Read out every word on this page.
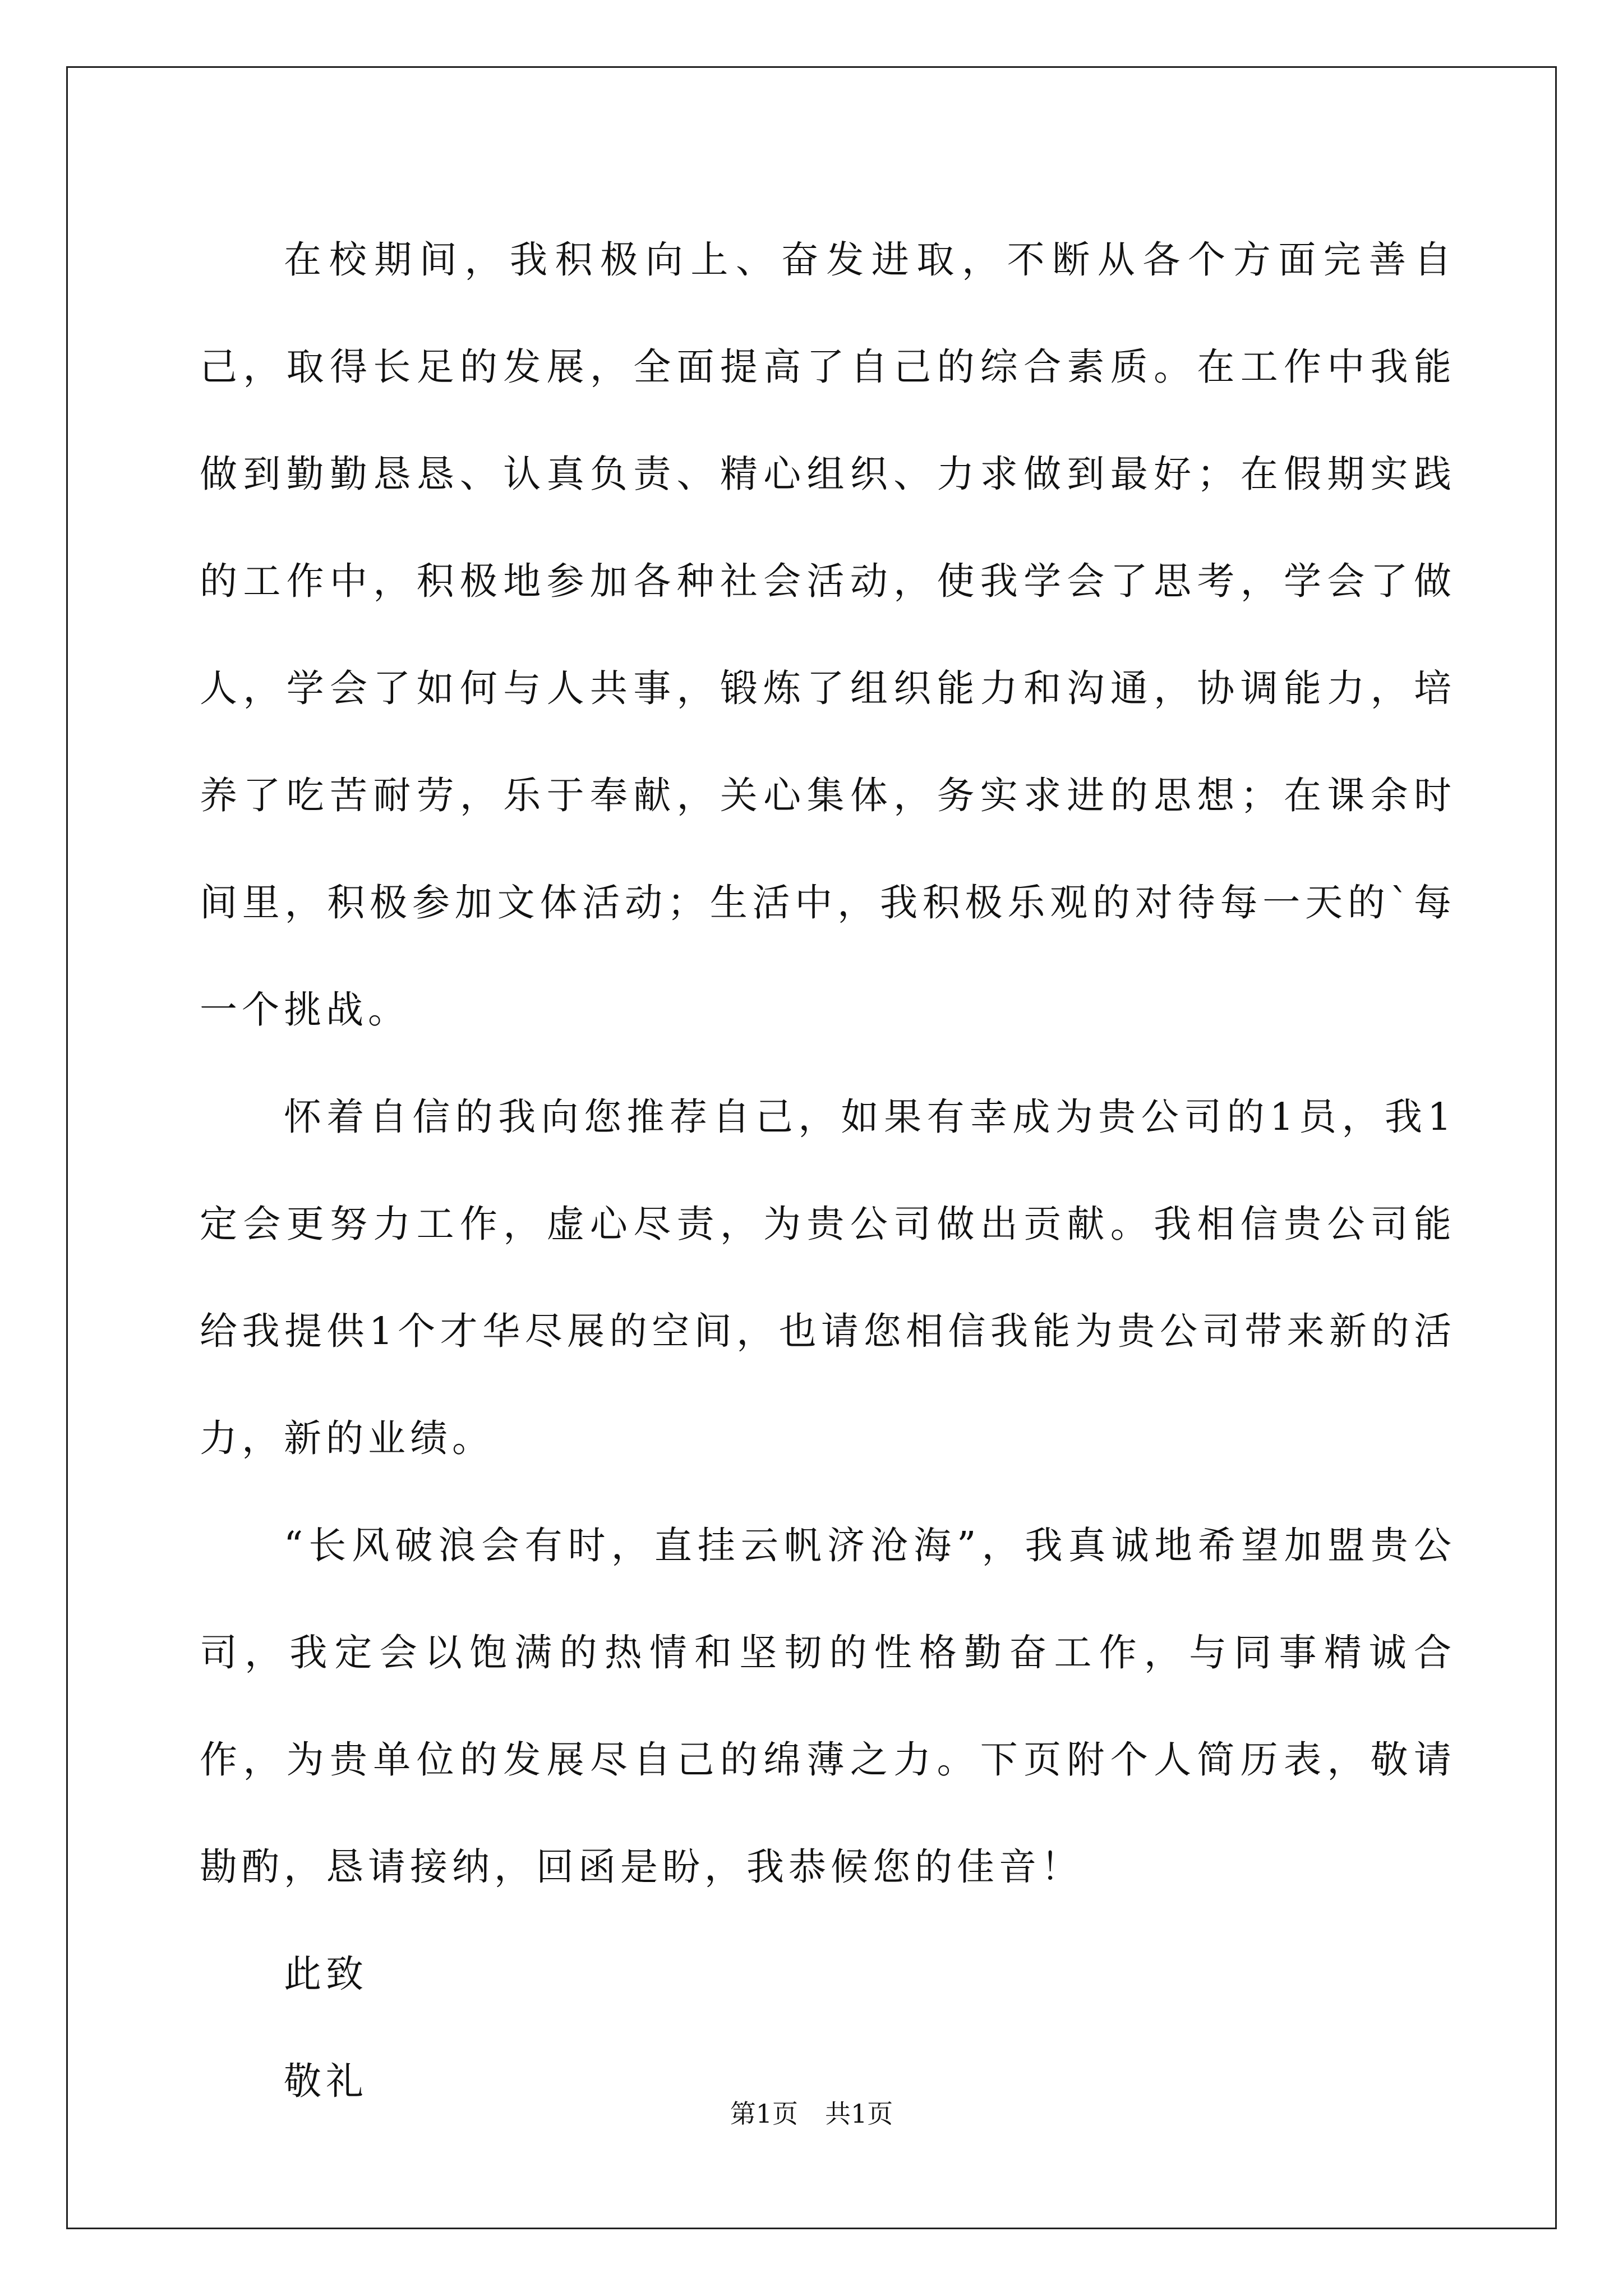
在校期间，我积极向上、奋发进取，不断从各个方面完善自己，取得长足的发展，全面提高了自己的综合素质。在工作中我能做到勤勤恳恳、认真负责、精心组织、力求做到最好；在假期实践的工作中，积极地参加各种社会活动，使我学会了思考，学会了做人，学会了如何与人共事，锻炼了组织能力和沟通，协调能力，培养了吃苦耐劳，乐于奉献，关心集体，务实求进的思想；在课余时间里，积极参加文体活动；生活中，我积极乐观的对待每一天的`每一个挑战。

怀着自信的我向您推荐自己，如果有幸成为贵公司的1员，我1定会更努力工作，虚心尽责，为贵公司做出贡献。我相信贵公司能给我提供1个才华尽展的空间，也请您相信我能为贵公司带来新的活力，新的业绩。

“长风破浪会有时，直挂云帆济沧海”，我真诚地希望加盟贵公司，我定会以饱满的热情和坚韧的性格勤奋工作，与同事精诚合作，为贵单位的发展尽自己的绵薄之力。下页附个人简历表，敬请勘酌，恳请接纳，回函是盼，我恭候您的佳音！

此致

敬礼

第1页 共1页
